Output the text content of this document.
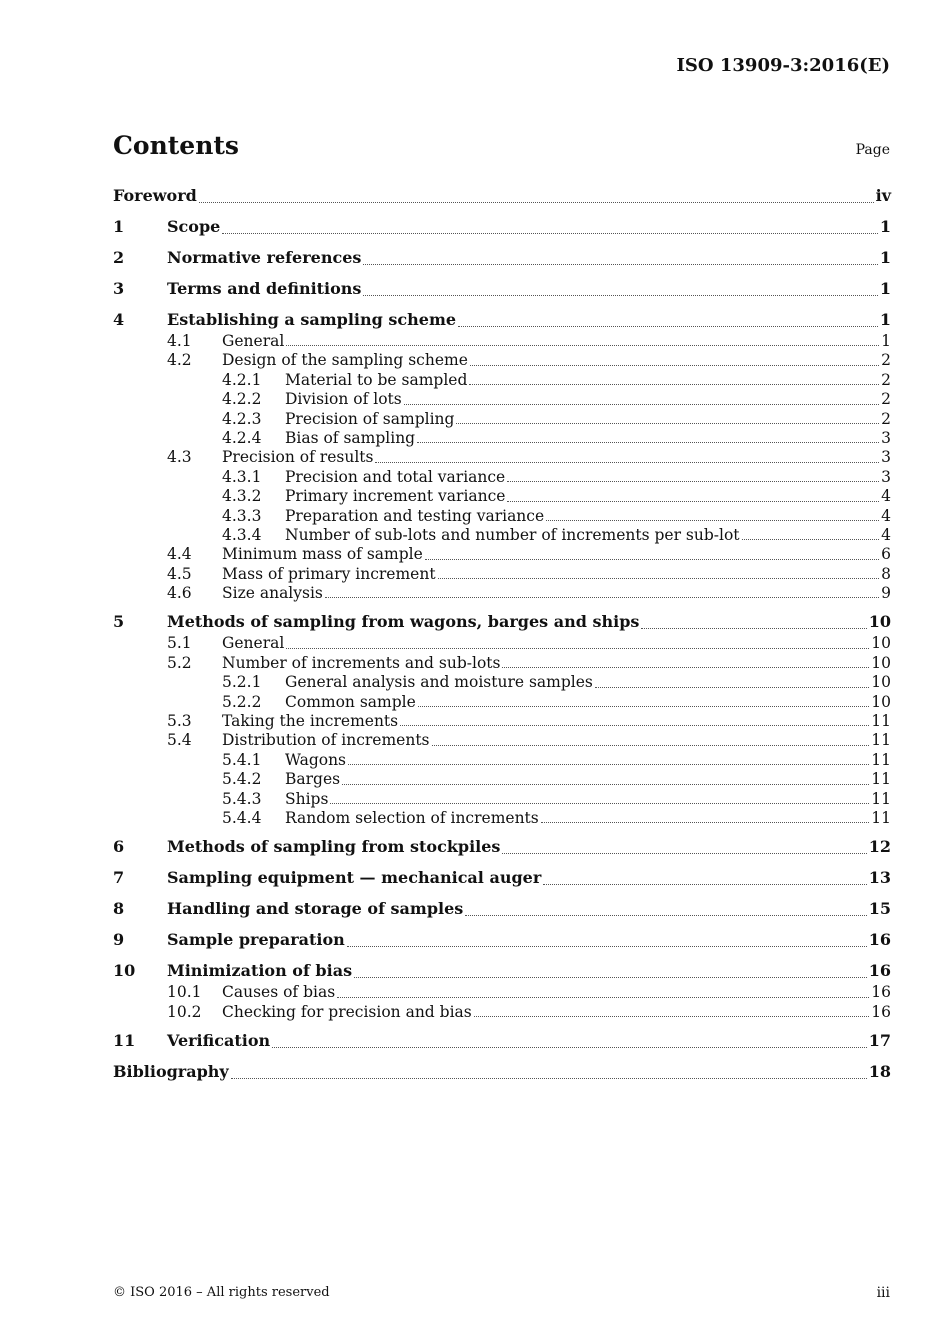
ISO 13909-3:2016(E)
Contents	Page
Foreword	iv
1	Scope	1
2	Normative references	1
3	Terms and definitions	1
4	Establishing a sampling scheme	1
4.1	General	1
4.2	Design of the sampling scheme	2
4.2.1	Material to be sampled	2
4.2.2	Division of lots	2
4.2.3	Precision of sampling	2
4.2.4	Bias of sampling	3
4.3	Precision of results	3
4.3.1	Precision and total variance	3
4.3.2	Primary increment variance	4
4.3.3	Preparation and testing variance	4
4.3.4	Number of sub-lots and number of increments per sub-lot	4
4.4	Minimum mass of sample	6
4.5	Mass of primary increment	8
4.6	Size analysis	9
5	Methods of sampling from wagons, barges and ships	10
5.1	General	10
5.2	Number of increments and sub-lots	10
5.2.1	General analysis and moisture samples	10
5.2.2	Common sample	10
5.3	Taking the increments	11
5.4	Distribution of increments	11
5.4.1	Wagons	11
5.4.2	Barges	11
5.4.3	Ships	11
5.4.4	Random selection of increments	11
6	Methods of sampling from stockpiles	12
7	Sampling equipment — mechanical auger	13
8	Handling and storage of samples	15
9	Sample preparation	16
10	Minimization of bias	16
10.1	Causes of bias	16
10.2	Checking for precision and bias	16
11	Verification	17
Bibliography	18
© ISO 2016 – All rights reserved	iii
